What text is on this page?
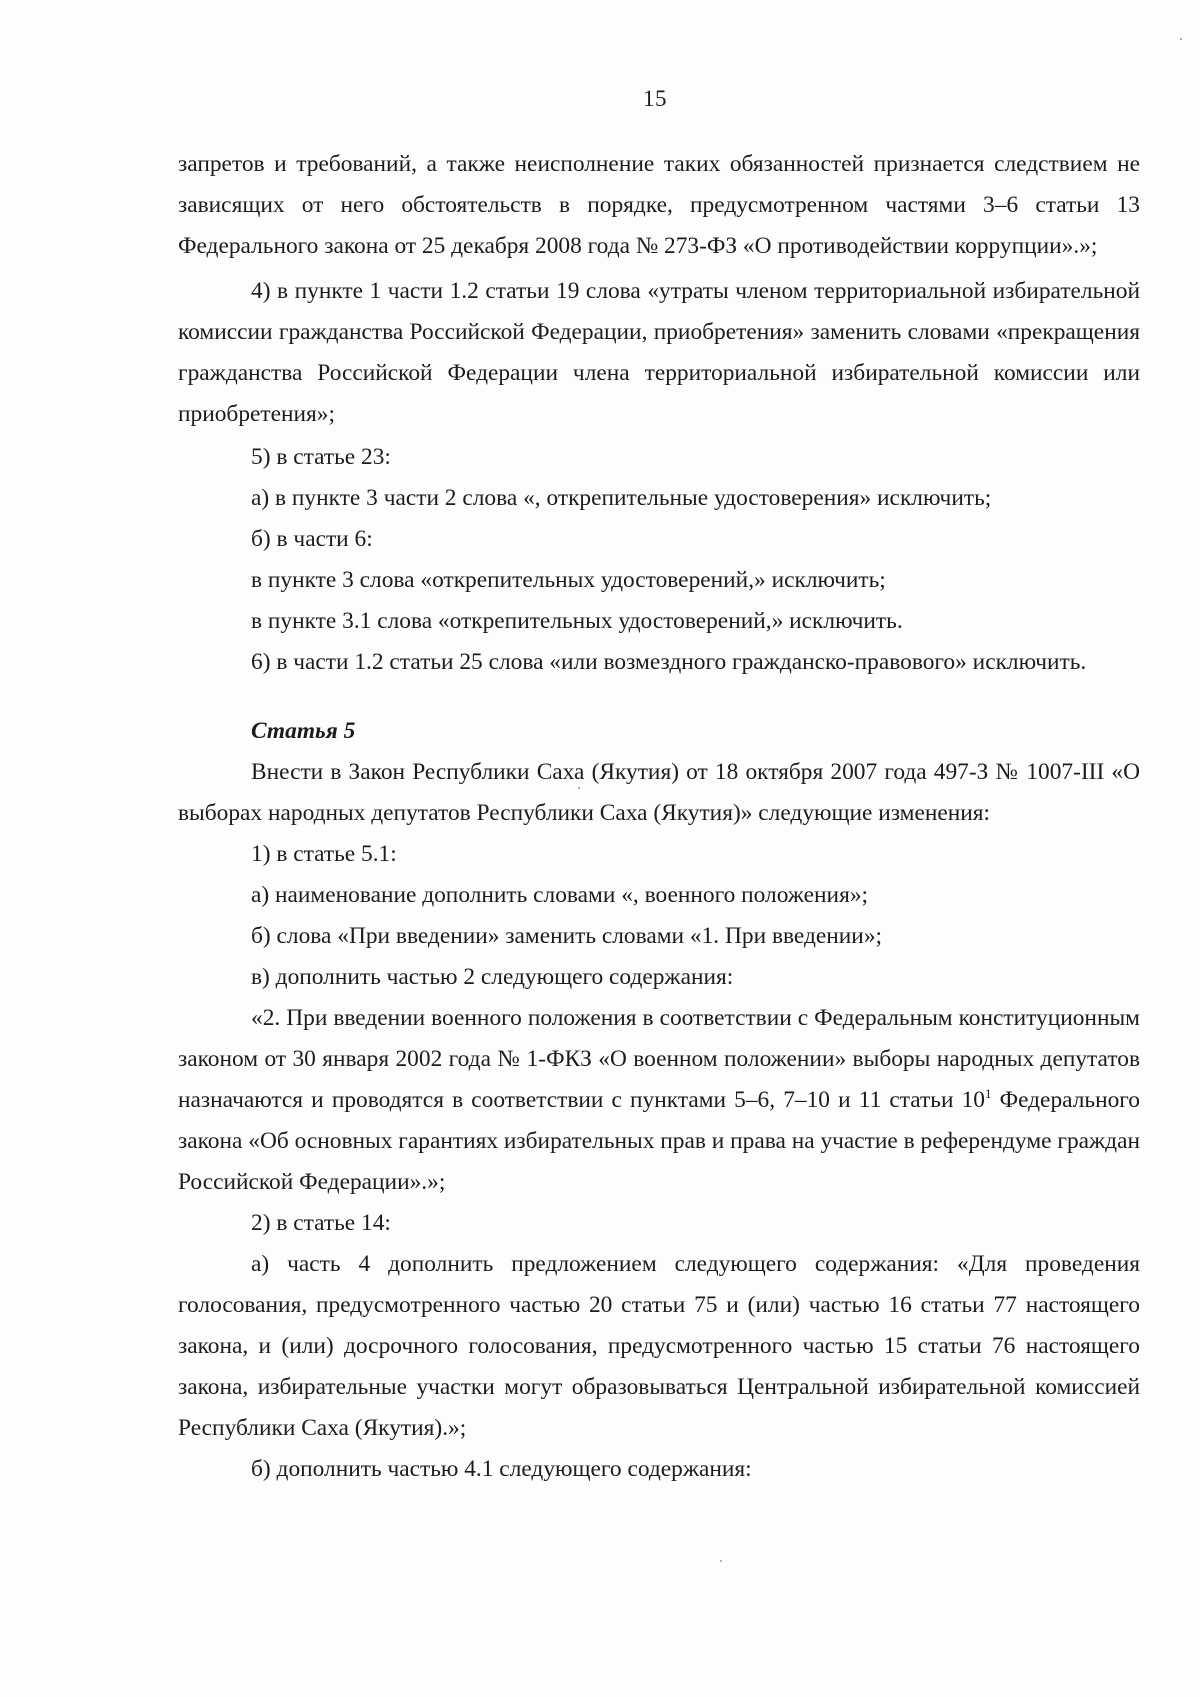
15

запретов и требований, а также неисполнение таких обязанностей признается следствием не зависящих от него обстоятельств в порядке, предусмотренном частями 3–6 статьи 13 Федерального закона от 25 декабря 2008 года № 273-ФЗ «О противодействии коррупции».»;

4) в пункте 1 части 1.2 статьи 19 слова «утраты членом территориальной избирательной комиссии гражданства Российской Федерации, приобретения» заменить словами «прекращения гражданства Российской Федерации члена территориальной избирательной комиссии или приобретения»;

5) в статье 23:

а) в пункте 3 части 2 слова «, открепительные удостоверения» исключить;

б) в части 6:

в пункте 3 слова «открепительных удостоверений,» исключить;

в пункте 3.1 слова «открепительных удостоверений,» исключить.

6) в части 1.2 статьи 25 слова «или возмездного гражданско-правового» исключить.

Статья 5

Внести в Закон Республики Саха (Якутия) от 18 октября 2007 года 497-З № 1007-III «О выборах народных депутатов Республики Саха (Якутия)» следующие изменения:

1) в статье 5.1:

а) наименование дополнить словами «, военного положения»;

б) слова «При введении» заменить словами «1. При введении»;

в) дополнить частью 2 следующего содержания:

«2. При введении военного положения в соответствии с Федеральным конституционным законом от 30 января 2002 года № 1-ФКЗ «О военном положении» выборы народных депутатов назначаются и проводятся в соответствии с пунктами 5–6, 7–10 и 11 статьи $10^1$ Федерального закона «Об основных гарантиях избирательных прав и права на участие в референдуме граждан Российской Федерации».»;

2) в статье 14:

а) часть 4 дополнить предложением следующего содержания: «Для проведения голосования, предусмотренного частью 20 статьи 75 и (или) частью 16 статьи 77 настоящего закона, и (или) досрочного голосования, предусмотренного частью 15 статьи 76 настоящего закона, избирательные участки могут образовываться Центральной избирательной комиссией Республики Саха (Якутия).»;

б) дополнить частью 4.1 следующего содержания:
